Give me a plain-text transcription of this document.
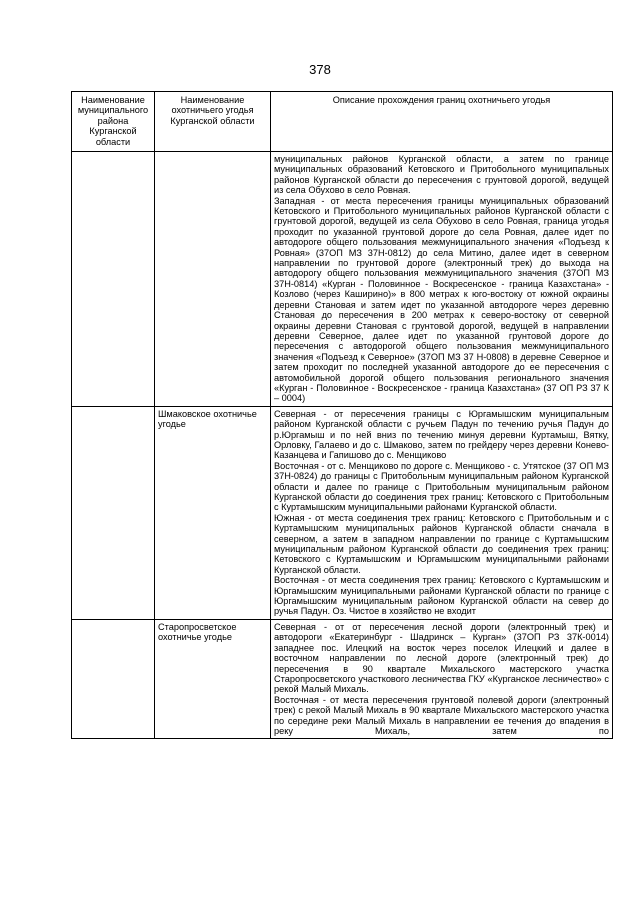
378
Наименование муниципального района Курганской области	Наименование охотничьего угодья Курганской области	Описание прохождения границ охотничьего угодья

		муниципальных районов Курганской области, а затем по границе муниципальных образований Кетовского и Притобольного муниципальных районов Курганской области до пересечения с грунтовой дорогой, ведущей из села Обухово в село Ровная.

Западная - от места пересечения границы муниципальных образований Кетовского и Притобольного муниципальных районов Курганской области с грунтовой дорогой, ведущей из села Обухово в село Ровная, граница угодья проходит по указанной грунтовой дороге до села Ровная, далее идет по автодороге общего пользования межмуниципального значения «Подъезд к Ровная» (37ОП МЗ 37Н-0812) до села Митино, далее идет в северном направлении по грунтовой дороге (электронный трек) до выхода на автодорогу общего пользования межмуниципального значения (37ОП МЗ 37Н-0814) «Курган - Половинное - Воскресенское - граница Казахстана» - Козлово (через Каширино)» в 800 метрах к юго-востоку от южной окраины деревни Становая и затем идет по указанной автодороге через деревню Становая до пересечения в 200 метрах к северо-востоку от северной окраины деревни Становая с грунтовой дорогой, ведущей в направлении деревни Северное, далее идет по указанной грунтовой дороге до пересечения с автодорогой общего пользования межмуниципального значения «Подъезд к Северное» (37ОП МЗ 37 Н-0808) в деревне Северное и затем проходит по последней указанной автодороге до ее пересечения с автомобильной дорогой общего пользования регионального значения «Курган - Половинное - Воскресенское - граница Казахстана» (37 ОП РЗ 37 К – 0004)

	Шмаковское охотничье угодье	Северная - от пересечения границы с Юргамышским муниципальным районом Курганской области с ручьем Падун по течению ручья Падун до р.Юргамыш и по ней вниз по течению минуя деревни Куртамыш, Вятку, Орловку, Галаево и до с. Шмаково, затем по грейдеру через деревни Конево-Казанцева и Гапишово до с. Менщиково

Восточная - от с. Менщиково по дороге с. Менщиково - с. Утятское (37 ОП МЗ 37Н-0824) до границы с Притобольным муниципальным районом Курганской области и далее по границе с Притобольным муниципальным районом Курганской области до соединения трех границ: Кетовского с Притобольным с Куртамышским муниципальными районами Курганской области.

Южная - от места соединения трех границ: Кетовского с Притобольным и с Куртамышским муниципальных районов Курганской области сначала в северном, а затем в западном направлении по границе с Куртамышским муниципальным районом Курганской области до соединения трех границ: Кетовского с Куртамышским и Юргамышским муниципальными районами Курганской области.

Восточная - от места соединения трех границ: Кетовского с Куртамышским и Юргамышским муниципальными районами Курганской области по границе с Юргамышским муниципальным районом Курганской области на север до ручья Падун. Оз. Чистое в хозяйство не входит

	Старопросветское охотничье угодье	Северная - от от пересечения лесной дороги (электронный трек) и автодороги «Екатеринбург - Шадринск – Курган» (37ОП РЗ 37К-0014) западнее пос. Илецкий на восток через поселок Илецкий и далее в восточном направлении по лесной дороге (электронный трек) до пересечения в 90 квартале Михальского мастерского участка Старопросветского участкового лесничества ГКУ «Курганское лесничество» с рекой Малый Михаль.

Восточная - от места пересечения грунтовой полевой дороги (электронный трек) с рекой Малый Михаль в 90 квартале Михальского мастерского участка по середине реки Малый Михаль в направлении ее течения до впадения в реку Михаль, затем по
